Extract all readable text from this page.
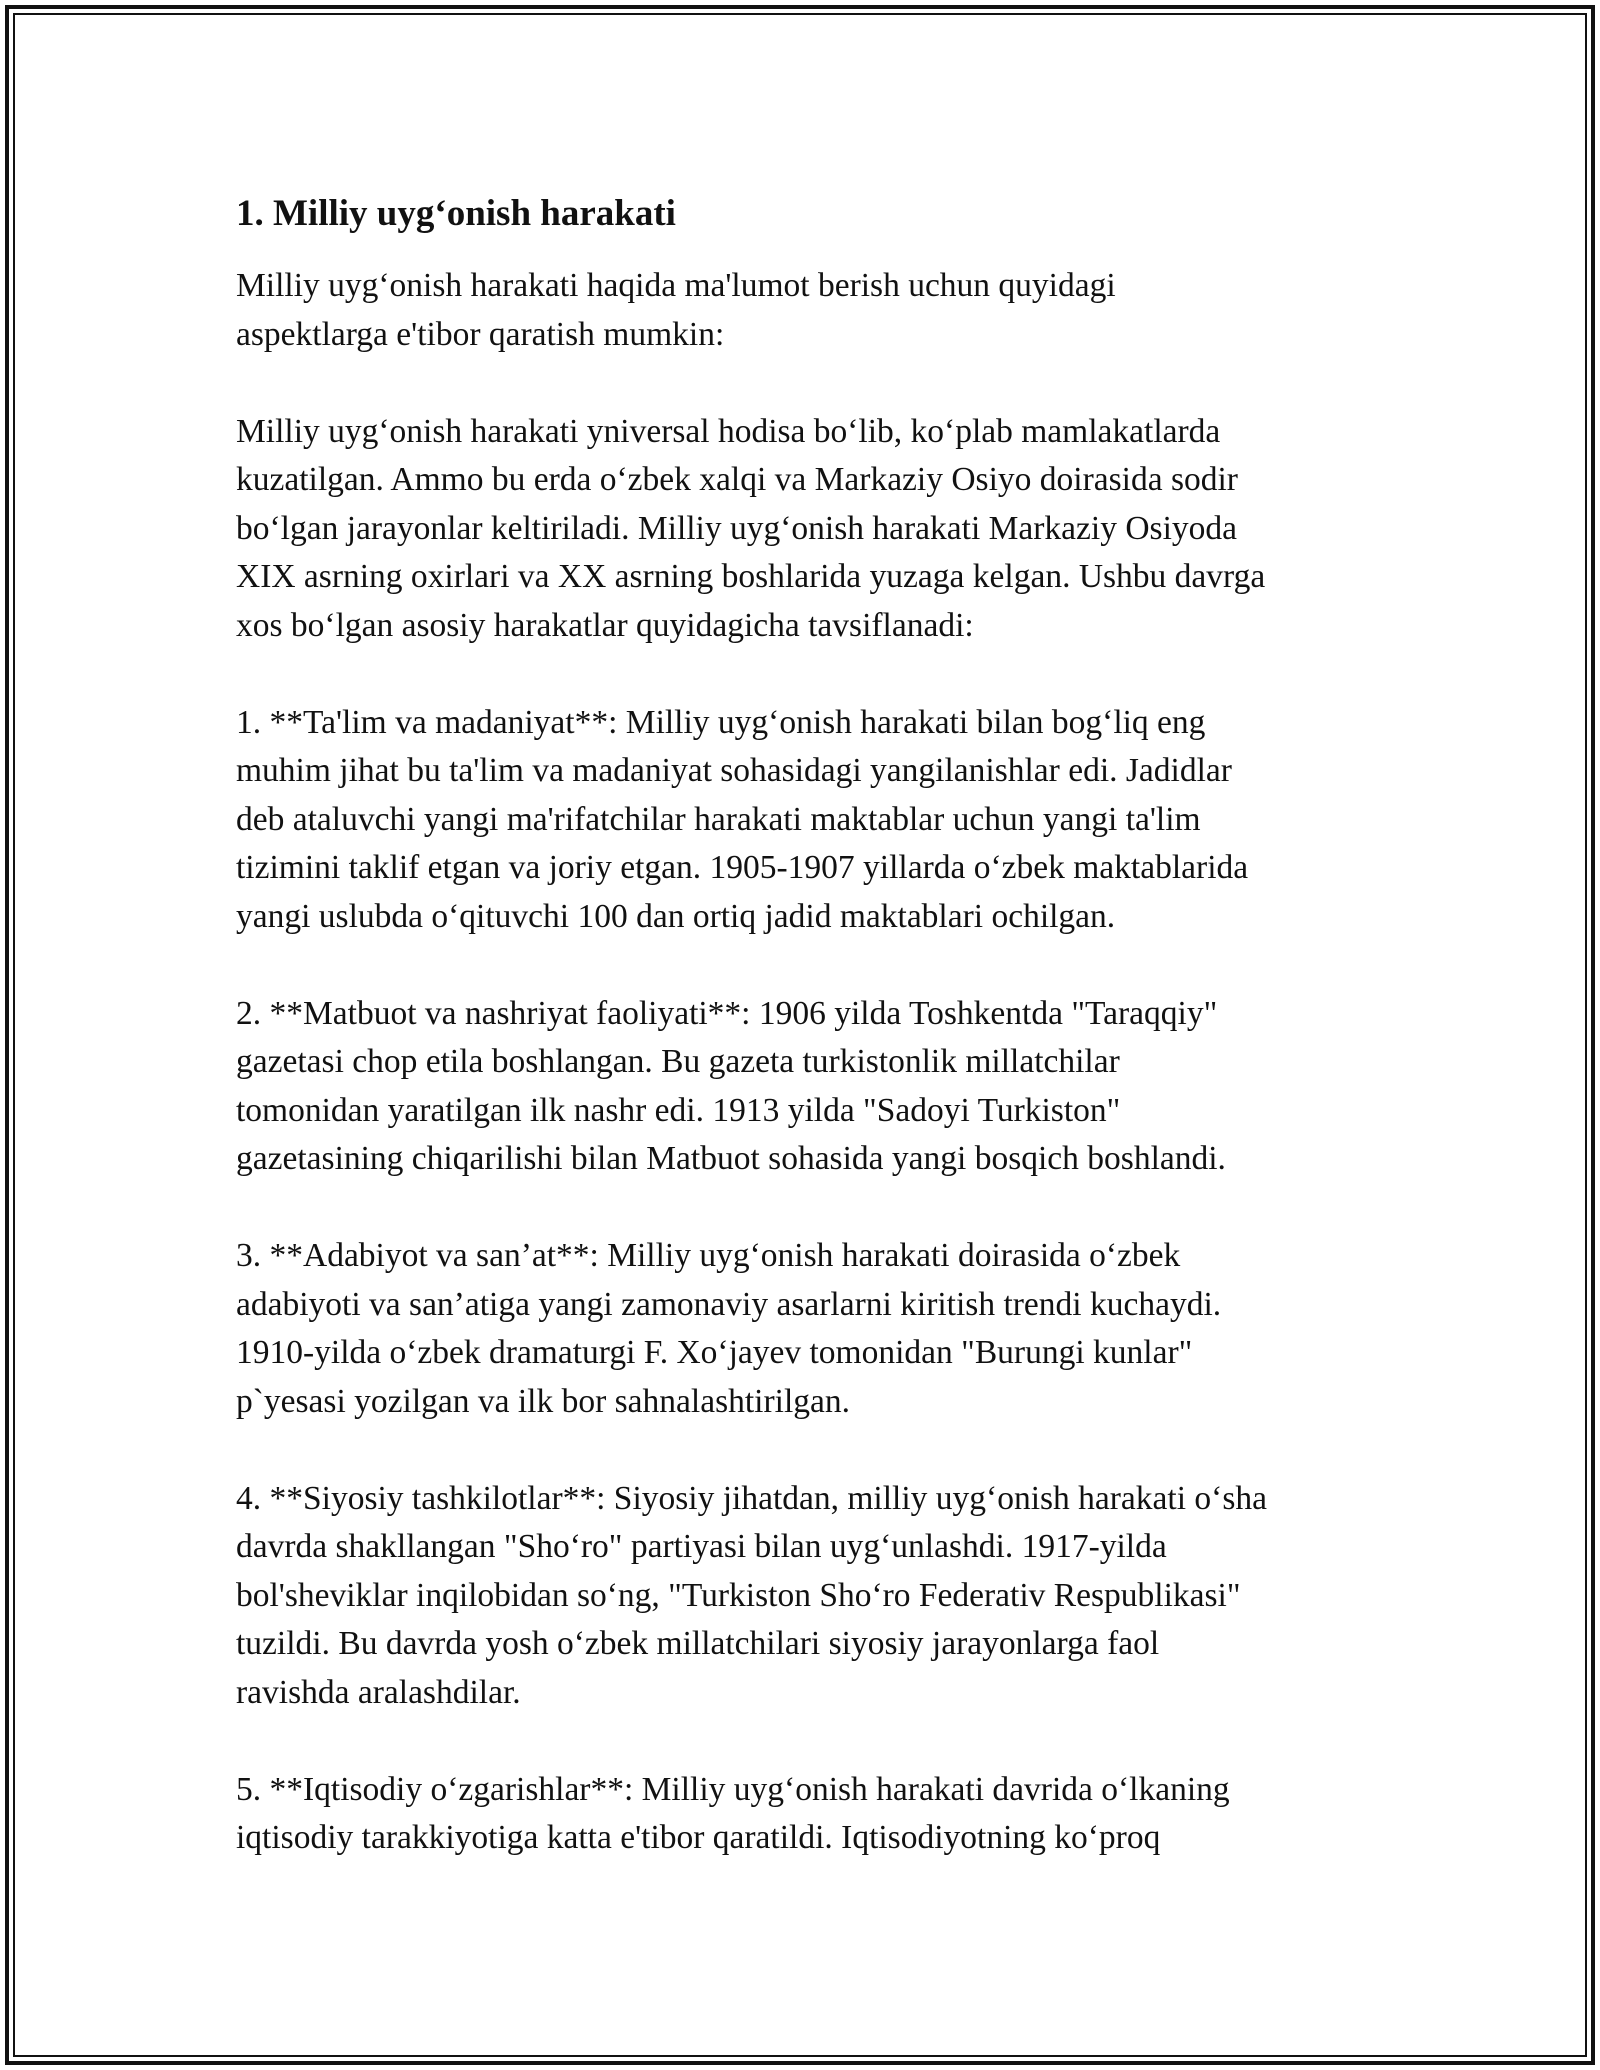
1. Milliy uyg‘onish harakati

Milliy uyg‘onish harakati haqida ma'lumot berish uchun quyidagi
aspektlarga e'tibor qaratish mumkin:

Milliy uyg‘onish harakati yniversal hodisa bo‘lib, ko‘plab mamlakatlarda
kuzatilgan. Ammo bu erda o‘zbek xalqi va Markaziy Osiyo doirasida sodir
bo‘lgan jarayonlar keltiriladi. Milliy uyg‘onish harakati Markaziy Osiyoda
XIX asrning oxirlari va XX asrning boshlarida yuzaga kelgan. Ushbu davrga
xos bo‘lgan asosiy harakatlar quyidagicha tavsiflanadi:

1. **Ta'lim va madaniyat**: Milliy uyg‘onish harakati bilan bog‘liq eng
muhim jihat bu ta'lim va madaniyat sohasidagi yangilanishlar edi. Jadidlar
deb ataluvchi yangi ma'rifatchilar harakati maktablar uchun yangi ta'lim
tizimini taklif etgan va joriy etgan. 1905-1907 yillarda o‘zbek maktablarida
yangi uslubda o‘qituvchi 100 dan ortiq jadid maktablari ochilgan.

2. **Matbuot va nashriyat faoliyati**: 1906 yilda Toshkentda "Taraqqiy"
gazetasi chop etila boshlangan. Bu gazeta turkistonlik millatchilar
tomonidan yaratilgan ilk nashr edi. 1913 yilda "Sadoyi Turkiston"
gazetasining chiqarilishi bilan Matbuot sohasida yangi bosqich boshlandi.

3. **Adabiyot va san’at**: Milliy uyg‘onish harakati doirasida o‘zbek
adabiyoti va san’atiga yangi zamonaviy asarlarni kiritish trendi kuchaydi.
1910-yilda o‘zbek dramaturgi F. Xo‘jayev tomonidan "Burungi kunlar"
p`yesasi yozilgan va ilk bor sahnalashtirilgan.

4. **Siyosiy tashkilotlar**: Siyosiy jihatdan, milliy uyg‘onish harakati o‘sha
davrda shakllangan "Sho‘ro" partiyasi bilan uyg‘unlashdi. 1917-yilda
bol'sheviklar inqilobidan so‘ng, "Turkiston Sho‘ro Federativ Respublikasi"
tuzildi. Bu davrda yosh o‘zbek millatchilari siyosiy jarayonlarga faol
ravishda aralashdilar.

5. **Iqtisodiy o‘zgarishlar**: Milliy uyg‘onish harakati davrida o‘lkaning
iqtisodiy tarakkiyotiga katta e'tibor qaratildi. Iqtisodiyotning ko‘proq
